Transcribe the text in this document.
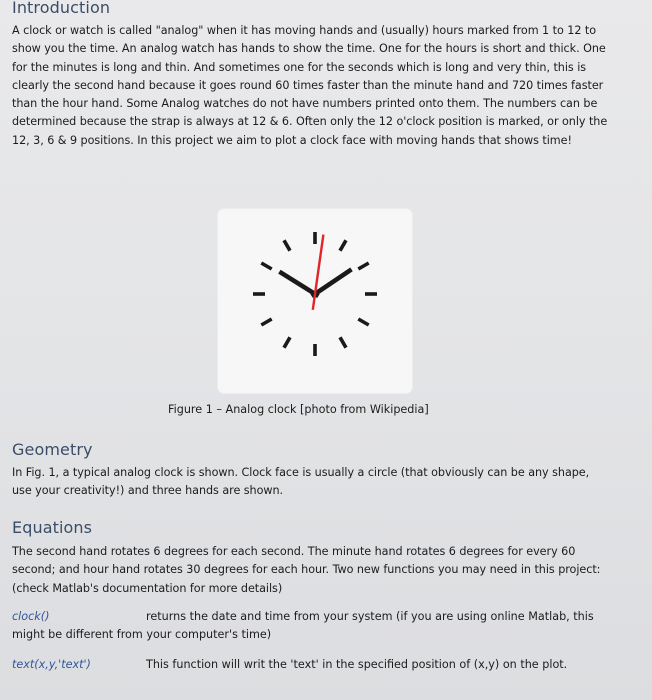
Introduction

A clock or watch is called "analog" when it has moving hands and (usually) hours marked from 1 to 12 to show you the time. An analog watch has hands to show the time. One for the hours is short and thick. One for the minutes is long and thin. And sometimes one for the seconds which is long and very thin, this is clearly the second hand because it goes round 60 times faster than the minute hand and 720 times faster than the hour hand. Some Analog watches do not have numbers printed onto them. The numbers can be determined because the strap is always at 12 & 6. Often only the 12 o'clock position is marked, or only the 12, 3, 6 & 9 positions. In this project we aim to plot a clock face with moving hands that shows time!

Figure 1 – Analog clock [photo from Wikipedia]
Geometry

In Fig. 1, a typical analog clock is shown. Clock face is usually a circle (that obviously can be any shape, use your creativity!) and three hands are shown.

Equations

The second hand rotates 6 degrees for each second. The minute hand rotates 6 degrees for every 60 second; and hour hand rotates 30 degrees for each hour. Two new functions you may need in this project: (check Matlab's documentation for more details)

clock()	returns the date and time from your system (if you are using online Matlab, this
might be different from your computer's time)
text(x,y,'text')	This function will writ the 'text' in the specified position of (x,y) on the plot.
